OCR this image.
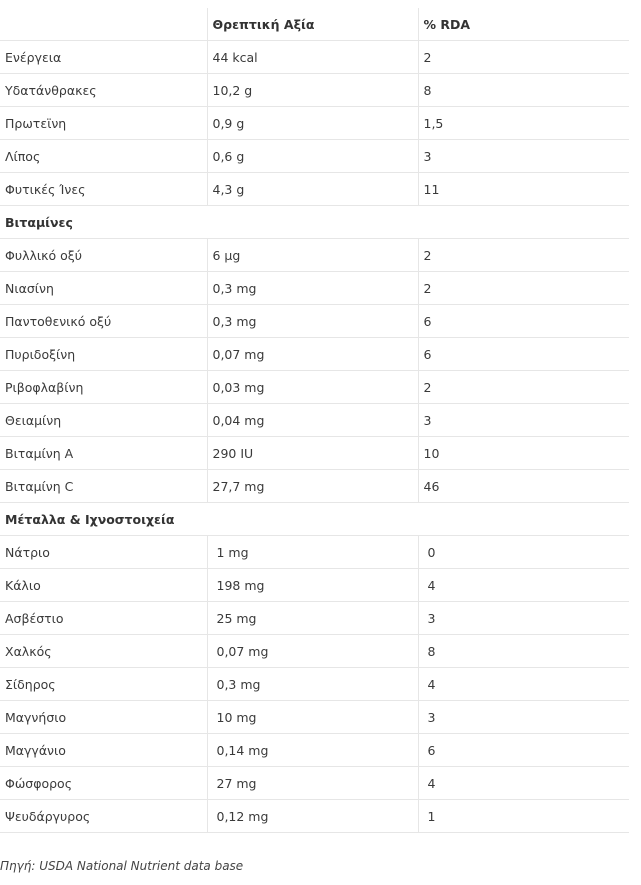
	Θρεπτική Αξία	% RDA
Ενέργεια	44 kcal	2
Υδατάνθρακες	10,2 g	8
Πρωτεϊνη	0,9 g	1,5
Λίπος	0,6 g	3
Φυτικές Ίνες	4,3 g	11
Βιταμίνες		
Φυλλικό οξύ	6 μg	2
Νιασίνη	0,3 mg	2
Παντοθενικό οξύ	0,3 mg	6
Πυριδοξίνη	0,07 mg	6
Ριβοφλαβίνη	0,03 mg	2
Θειαμίνη	0,04 mg	3
Βιταμίνη Α	290 IU	10
Βιταμίνη C	27,7 mg	46
Μέταλλα & Ιχνοστοιχεία		
Νάτριο	1 mg	0
Κάλιο	198 mg	4
Ασβέστιο	25 mg	3
Χαλκός	0,07 mg	8
Σίδηρος	0,3 mg	4
Μαγνήσιο	10 mg	3
Μαγγάνιο	0,14 mg	6
Φώσφορος	27 mg	4
Ψευδάργυρος	0,12 mg	1
Πηγή: USDA National Nutrient data base
